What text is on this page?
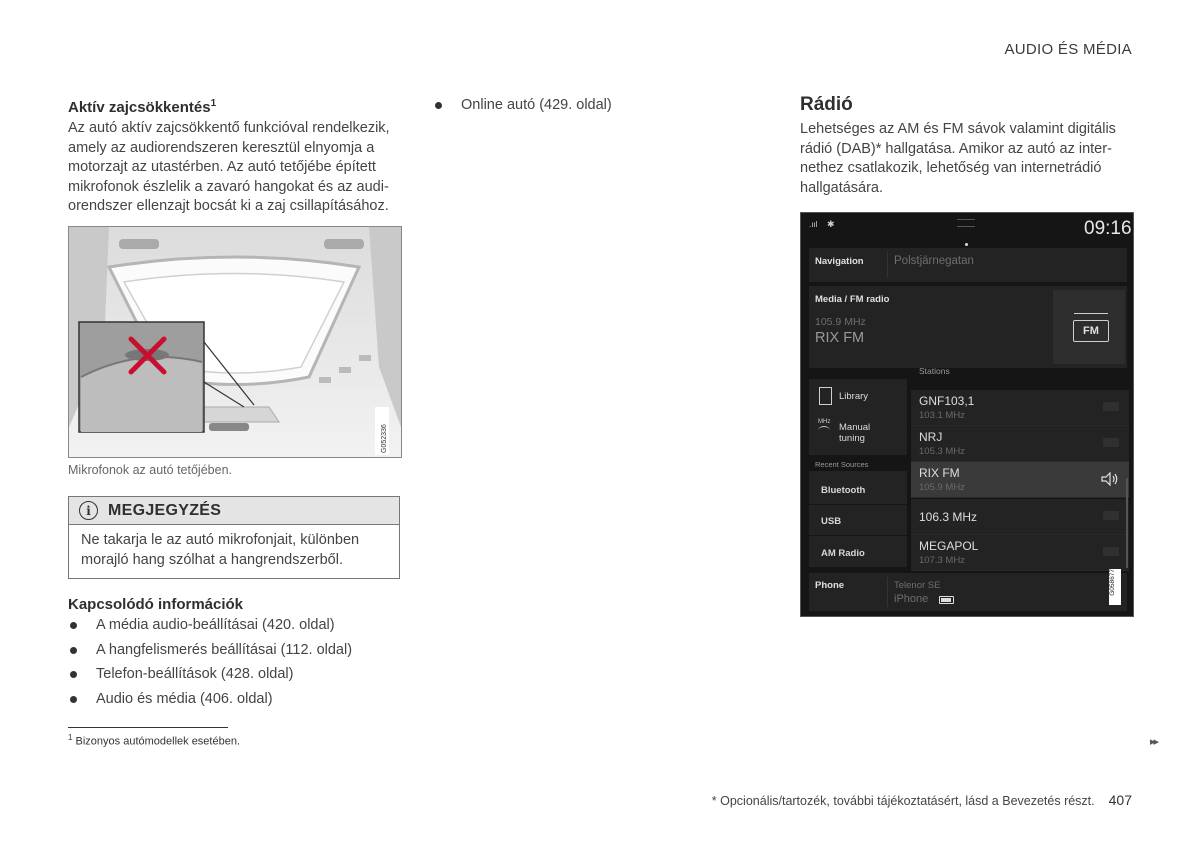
AUDIO ÉS MÉDIA
Aktív zajcsökkentés$^1$
Az autó aktív zajcsökkentő funkcióval rendelkezik,
amely az audiorendszeren keresztül elnyomja a
motorzajt az utastérben. Az autó tetőjébe épített
mikrofonok észlelik a zavaró hangokat és az audi-
orendszer ellenzajt bocsát ki a zaj csillapításához.
G052336
Mikrofonok az autó tetőjében.
i	MEGJEGYZÉS
Ne takarja le az autó mikrofonjait, különben
morajló hang szólhat a hangrendszerből.
Kapcsolódó információk
A média audio-beállításai (420. oldal)
A hangfelismerés beállításai (112. oldal)
Telefon-beállítások (428. oldal)
Audio és média (406. oldal)
$^1$ Bizonyos autómodellek esetében.
Online autó (429. oldal)	Rádió
Lehetséges az AM és FM sávok valamint digitális
rádió (DAB)* hallgatása. Amikor az autó az inter-
nethez csatlakozik, lehetőség van internetrádió
hallgatására.
.ııl ✱	09:16
Navigation	Polstjärnegatan
Media / FM radio
105.9 MHz
RIX FM	FM
Stations
Library
MHz Manual
tuning
Recent Sources
Bluetooth
USB
AM Radio
GNF103,1
103.1 MHz
NRJ
105.3 MHz
RIX FM
105.9 MHz
106.3 MHz
MEGAPOL
107.3 MHz
Phone	Telenor SE
iPhone
G058677
▸▸
* Opcionális/tartozék, további tájékoztatásért, lásd a Bevezetés részt. 407
